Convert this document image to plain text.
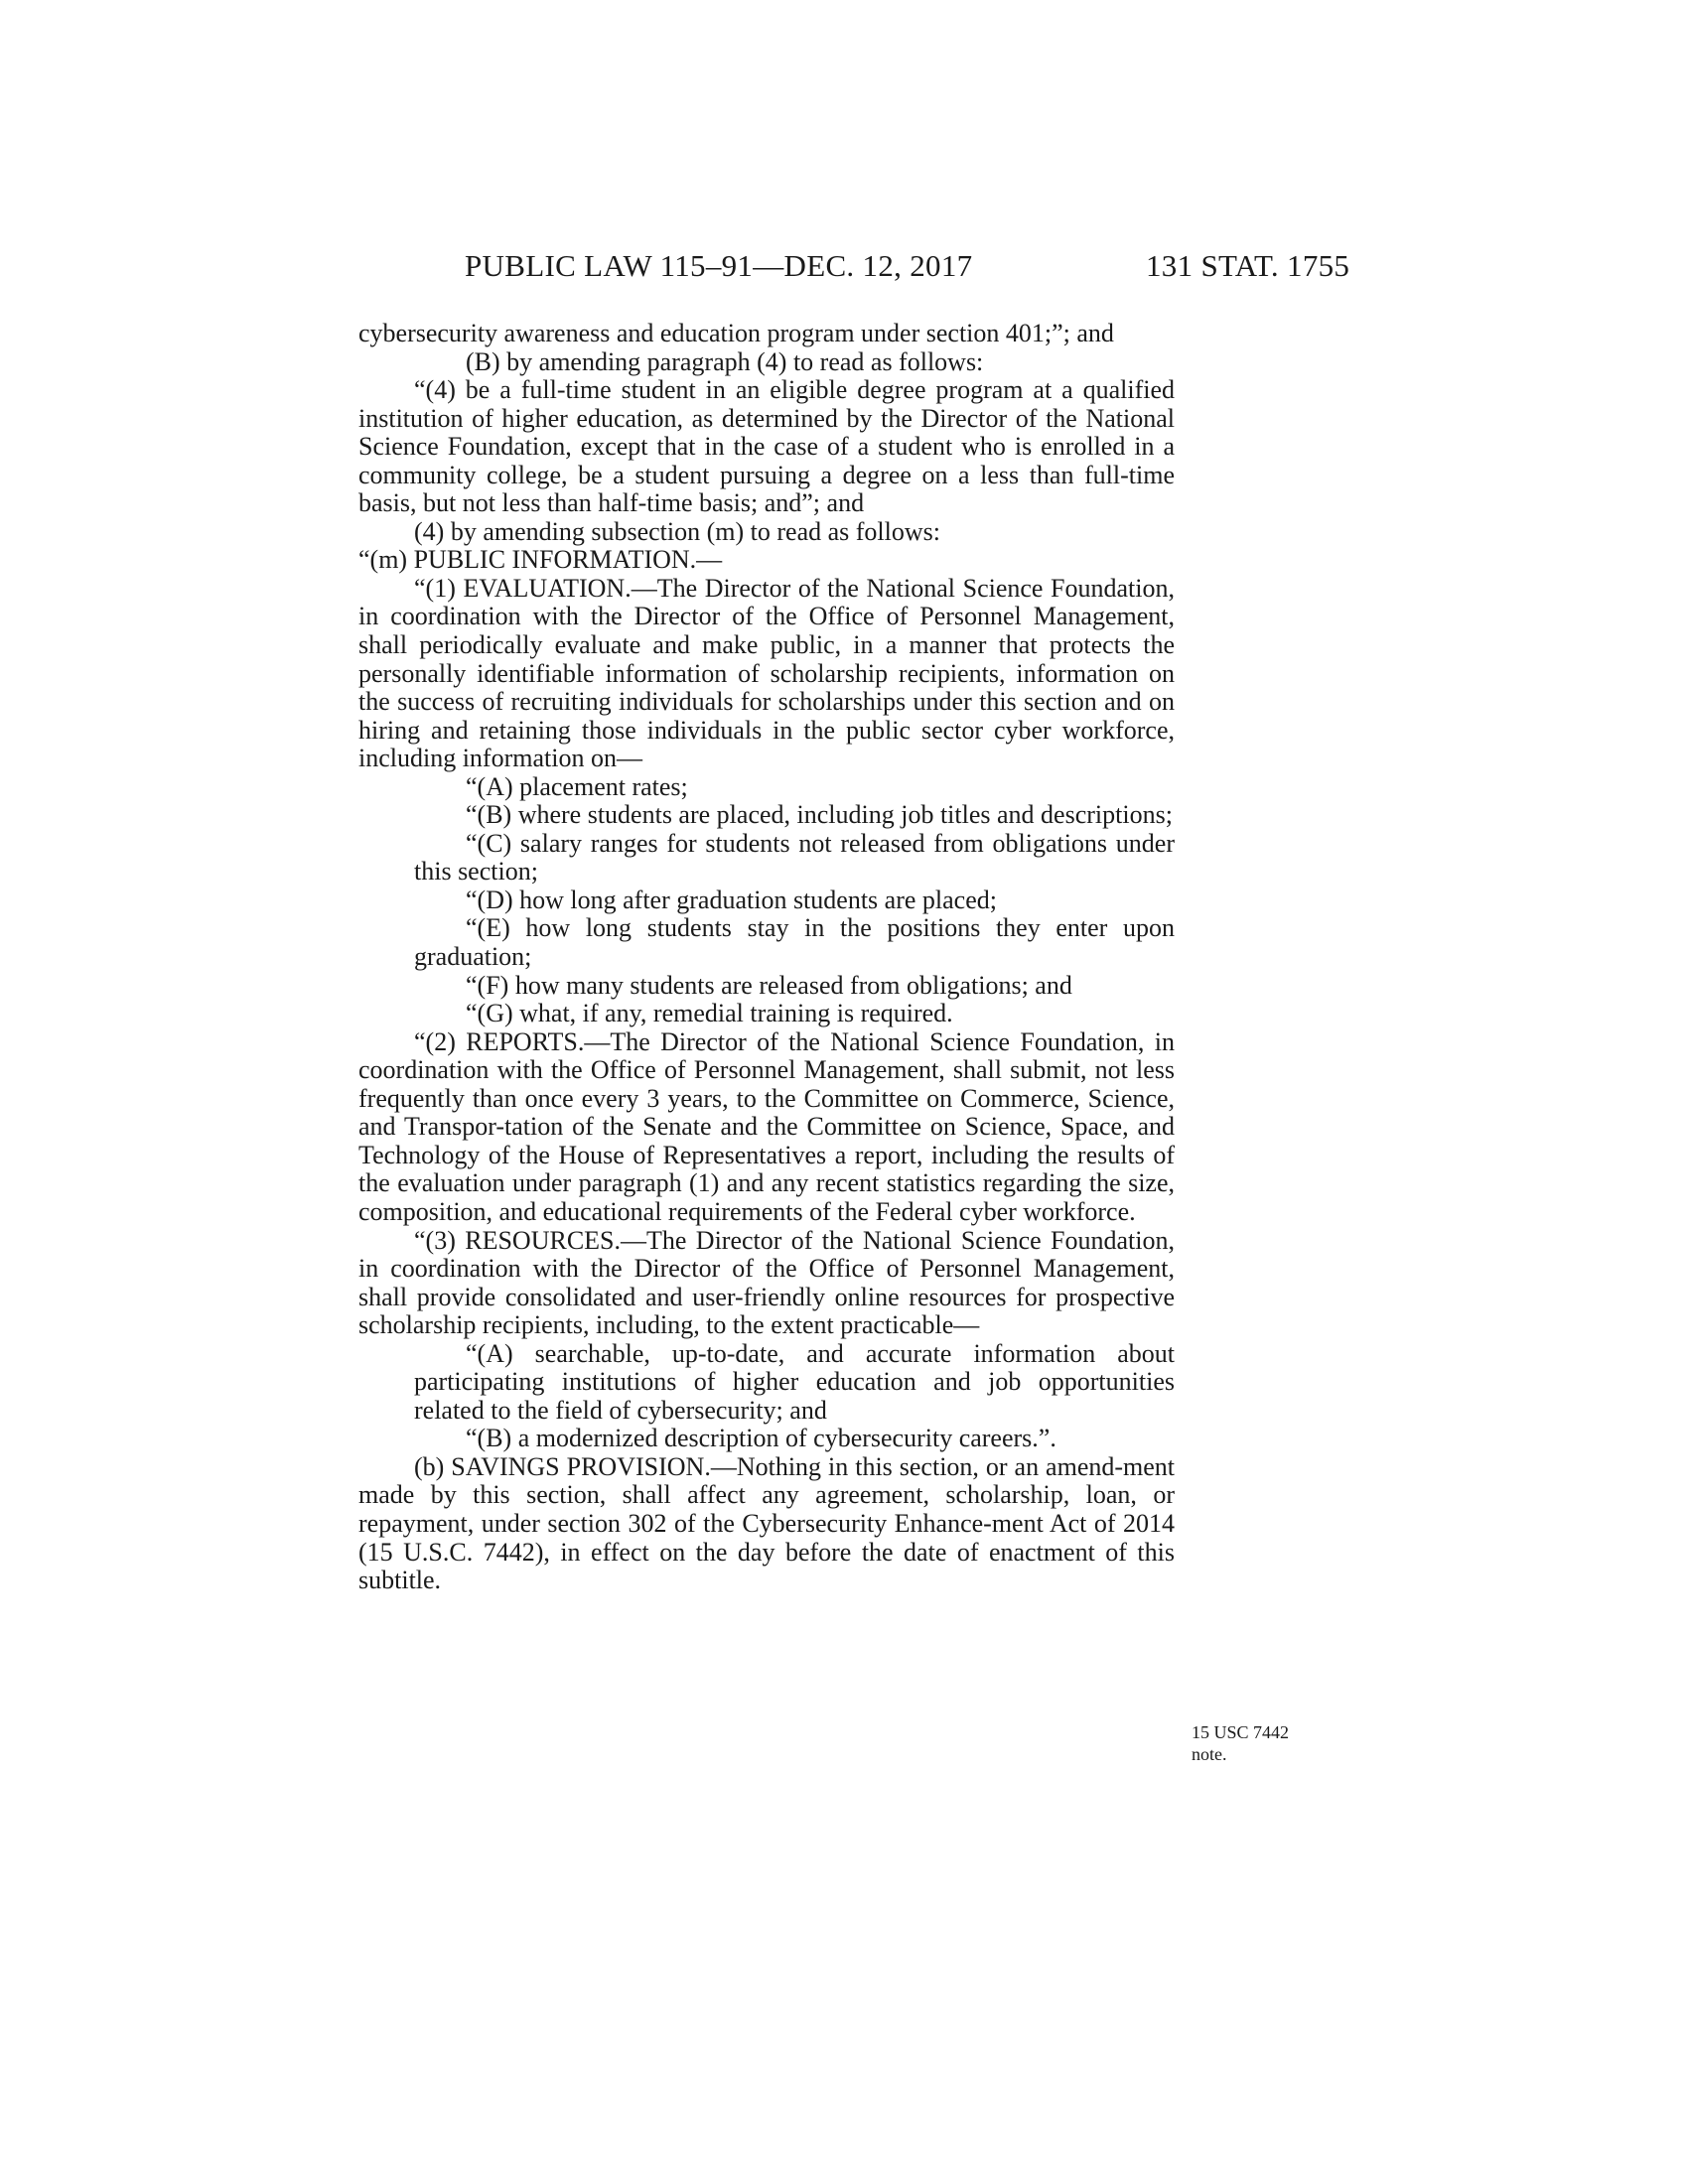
PUBLIC LAW 115–91—DEC. 12, 2017	131 STAT. 1755

cybersecurity awareness and education program under section 401;”; and

(B) by amending paragraph (4) to read as follows:

“(4) be a full-time student in an eligible degree program at a qualified institution of higher education, as determined by the Director of the National Science Foundation, except that in the case of a student who is enrolled in a community college, be a student pursuing a degree on a less than full-time basis, but not less than half-time basis; and”; and

(4) by amending subsection (m) to read as follows:

“(m) PUBLIC INFORMATION.—

“(1) EVALUATION.—The Director of the National Science Foundation, in coordination with the Director of the Office of Personnel Management, shall periodically evaluate and make public, in a manner that protects the personally identifiable information of scholarship recipients, information on the success of recruiting individuals for scholarships under this section and on hiring and retaining those individuals in the public sector cyber workforce, including information on—

“(A) placement rates;

“(B) where students are placed, including job titles and descriptions;

“(C) salary ranges for students not released from obligations under this section;

“(D) how long after graduation students are placed;

“(E) how long students stay in the positions they enter upon graduation;

“(F) how many students are released from obligations; and

“(G) what, if any, remedial training is required.

“(2) REPORTS.—The Director of the National Science Foundation, in coordination with the Office of Personnel Management, shall submit, not less frequently than once every 3 years, to the Committee on Commerce, Science, and Transpor-tation of the Senate and the Committee on Science, Space, and Technology of the House of Representatives a report, including the results of the evaluation under paragraph (1) and any recent statistics regarding the size, composition, and educational requirements of the Federal cyber workforce.

“(3) RESOURCES.—The Director of the National Science Foundation, in coordination with the Director of the Office of Personnel Management, shall provide consolidated and user-friendly online resources for prospective scholarship recipients, including, to the extent practicable—

“(A) searchable, up-to-date, and accurate information about participating institutions of higher education and job opportunities related to the field of cybersecurity; and

“(B) a modernized description of cybersecurity careers.”.

(b) SAVINGS PROVISION.—Nothing in this section, or an amend-ment made by this section, shall affect any agreement, scholarship, loan, or repayment, under section 302 of the Cybersecurity Enhance-ment Act of 2014 (15 U.S.C. 7442), in effect on the day before the date of enactment of this subtitle.

15 USC 7442
note.
